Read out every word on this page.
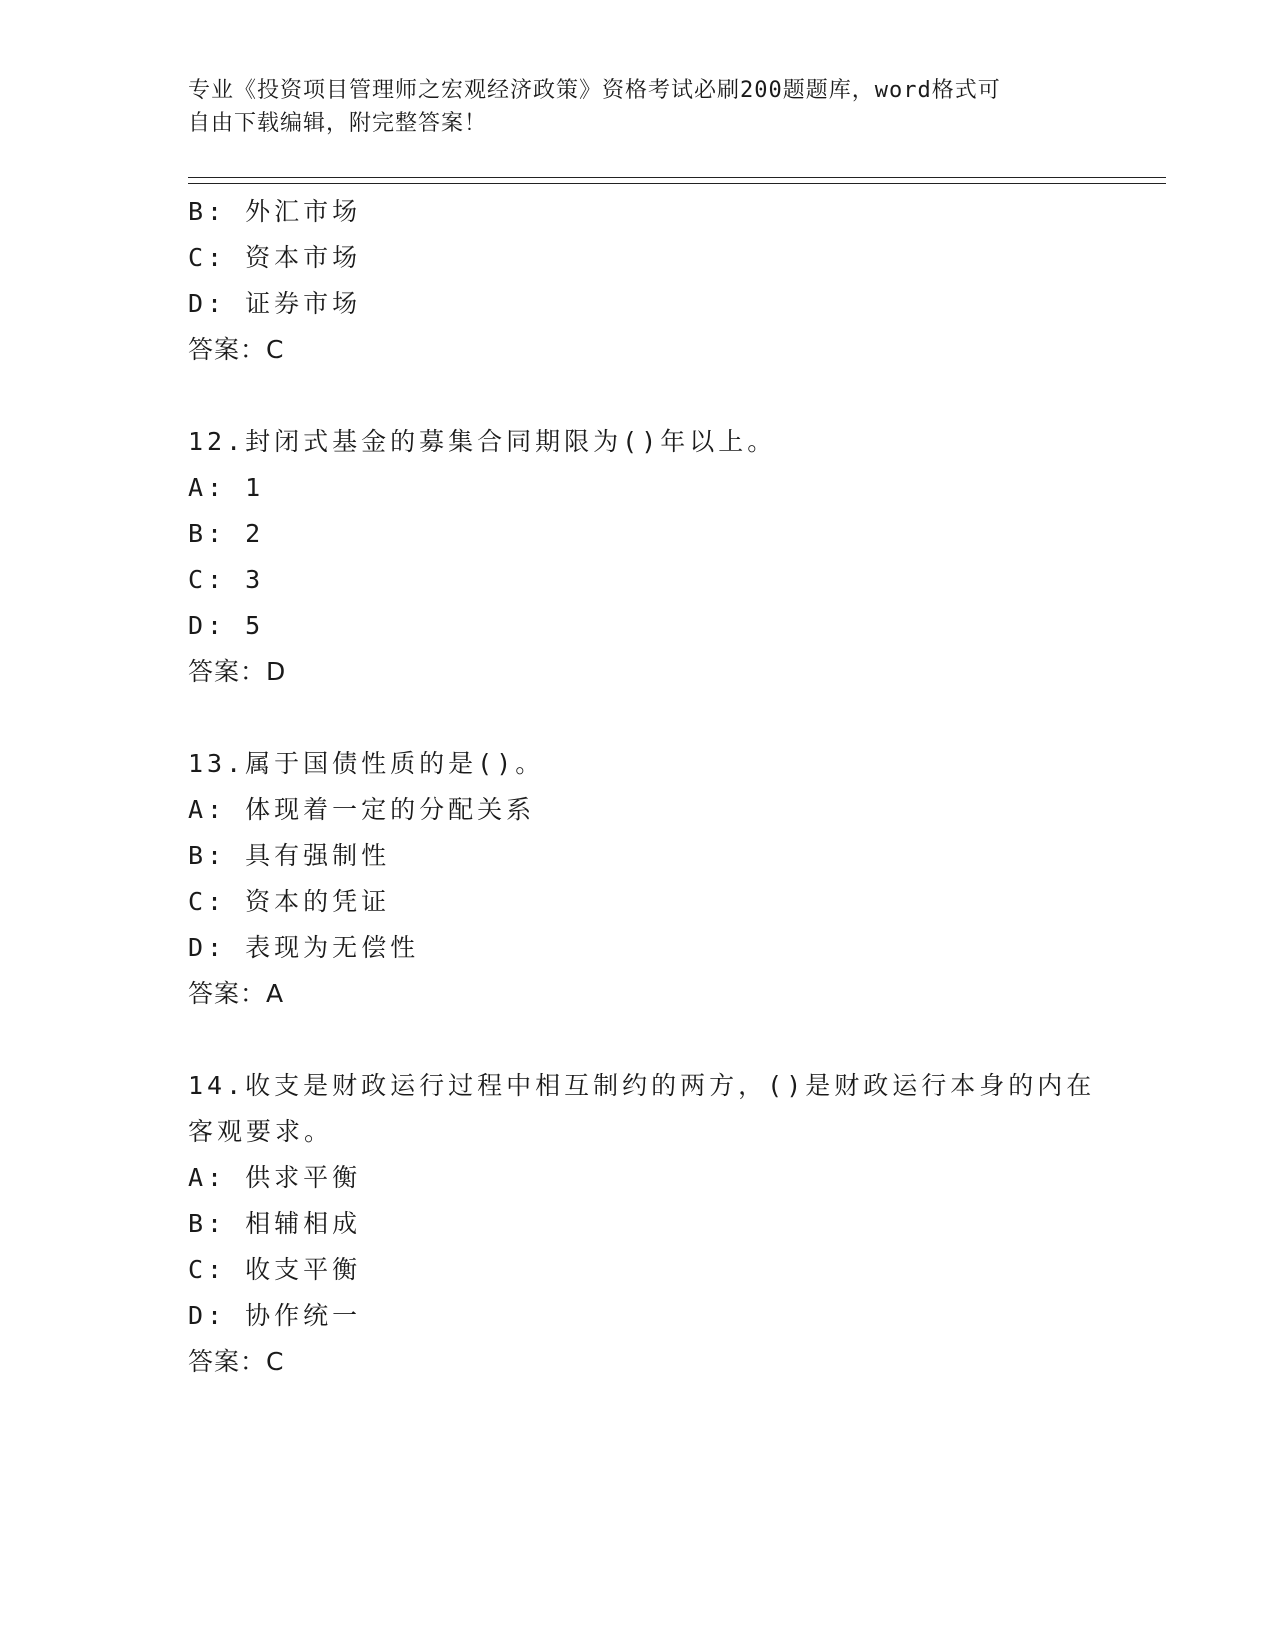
专业《投资项目管理师之宏观经济政策》资格考试必刷200题题库，word格式可
自由下载编辑，附完整答案！
B: 外汇市场
C: 资本市场
D: 证券市场
答案：C
12.封闭式基金的募集合同期限为()年以上。
A: 1
B: 2
C: 3
D: 5
答案：D
13.属于国债性质的是()。
A: 体现着一定的分配关系
B: 具有强制性
C: 资本的凭证
D: 表现为无偿性
答案：A
14.收支是财政运行过程中相互制约的两方，()是财政运行本身的内在
客观要求。
A: 供求平衡
B: 相辅相成
C: 收支平衡
D: 协作统一
答案：C
